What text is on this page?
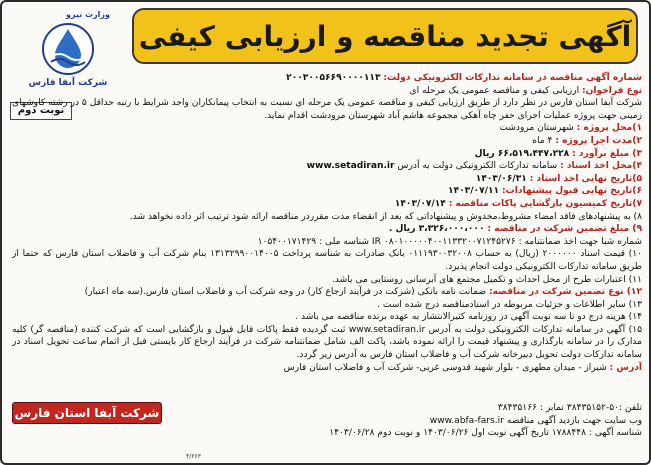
وزارت نیرو
شرکت آبفا فارس
آگهی تجدید مناقصه و ارزیابی کیفی
نوبت دوم

شماره آگهی مناقصه در سامانه تدارکات الکترونیکی دولت: ۲۰۰۳۰۰۵۶۶۹۰۰۰۰۱۱۳

نوع فراخوان: ارزیابی کیفی و مناقصه عمومی یک مرحله ای

شرکت آبفا استان فارس در نظر دارد از طریق ارزیابی کیفی و مناقصه عمومی یک مرحله ای نسبت به انتخاب پیمانکاران واجد شرایط با رتبه حداقل ۵ در رشته کاوشهای زمینی جهت پروژه عملیات اجرای حفر چاه آهکی مجموعه هاشم آباد شهرستان مرودشت اقدام نماید.

۱)محل پروژه : شهرستان مرودشت

۲)مدت اجرا پروژه : ۴ ماه

۳) مبلغ برآورد : ۶۶،۵۱۹،۴۴۷،۲۲۸ ریال

۴)محل اخذ اسناد : سامانه تدارکات الکترونیکی دولت به آدرس www.setadiran.ir

۵)تاریخ نهایی اخذ اسناد : ۱۴۰۳/۰۶/۳۱

۶)تاریخ نهایی قبول پیشنهادات: ۱۴۰۳/۰۷/۱۱

۷)تاریخ کمیسیون بازگشایی پاکات مناقصه : ۱۴۰۳/۰۷/۱۴

۸) به پیشنهادهای فاقد امضاء مشروط،مخدوش و پیشنهاداتی که بعد از انقضاء مدت مقرردر مناقصه ارائه شود ترتیب اثر داده نخواهد شد.

۹) مبلغ تضمین شرکت در مناقصه : ۳،۳۲۶،۰۰۰،۰۰۰ ریال .

شماره شبا جهت اخذ ضمانتنامه : IR ۰۸۰۱۰۰۰۰۰۴۰۰۱۱۳۳۲۰۰۷۱۲۴۵۲۷۶ شناسه ملی : ۱۰۵۴۰۰۱۷۱۴۲۹

۱۰) قیمت اسناد ۲۰۰۰۰۰۰ (ریال) به حساب ۰۱۱۱۹۳۰۰۳۲۰۰۸ بانک صادرات به شناسه پرداخت ۱۳۱۳۲۹۹۰۰۱۴۰۰۵ بنام شرکت آب و فاضلاب استان فارس که حتما از طریق سامانه تدارکات الکترونیکی دولت انجام پذیرد.

۱۱) اعتبارات طرح از محل احداث و تکمیل مجتمع های آبرسانی روستایی می باشد.

۱۲) نوع تضمین شرکت در مناقصه: ضمانت نامه بانکی (شرکت در فرآیند ارجاع کار) در وجه شرکت آب و فاضلاب استان فارس.(سه ماه اعتبار)

۱۳) سایر اطلاعات و جزئیات مربوطه در اسنادمناقصه درج شده است .

۱۴) هزینه درج دو تا سه نوبت آگهی در روزنامه کثیرالانتشار به عهده برنده مناقصه می باشد .

۱۵) آگهی در سامانه تدارکات الکترونیکی دولت به آدرس www.setadiran.ir ثبت گردیده فقط پاکات قابل قبول و بازگشایی است که شرکت کننده (مناقصه گر) کلیه مدارک را در سامانه بارگذاری و پیشنهاد قیمت را ارائه نموده باشد، پاکت الف شامل ضمانتنامه شرکت در فرآیند ارجاع کار بایستی قبل از اتمام ساعت تحویل اسناد در سامانه تدارکات دولت تحویل دبیرخانه شرکت آب و فاضلاب استان فارس به آدرس زیر گردد.

آدرس : شیراز - میدان مطهری - بلوار شهید قدوسی غربی- شرکت آب و فاضلاب استان فارس

شرکت آبفا استان فارس	تلفن :۵۰-۳۸۴۳۵۱۵۲ نمابر : ۳۸۴۳۵۱۶۶

وب سایت جهت بازدید آگهی مناقصه www.abfa-fars.ir

شناسه آگهی : ۱۷۸۸۴۴۸ تاریخ آگهی نوبت اول ۱۴۰۳/۰۶/۲۶ و نوبت دوم ۱۴۰۳/۰۶/۲۸

۴/۶۶۳
